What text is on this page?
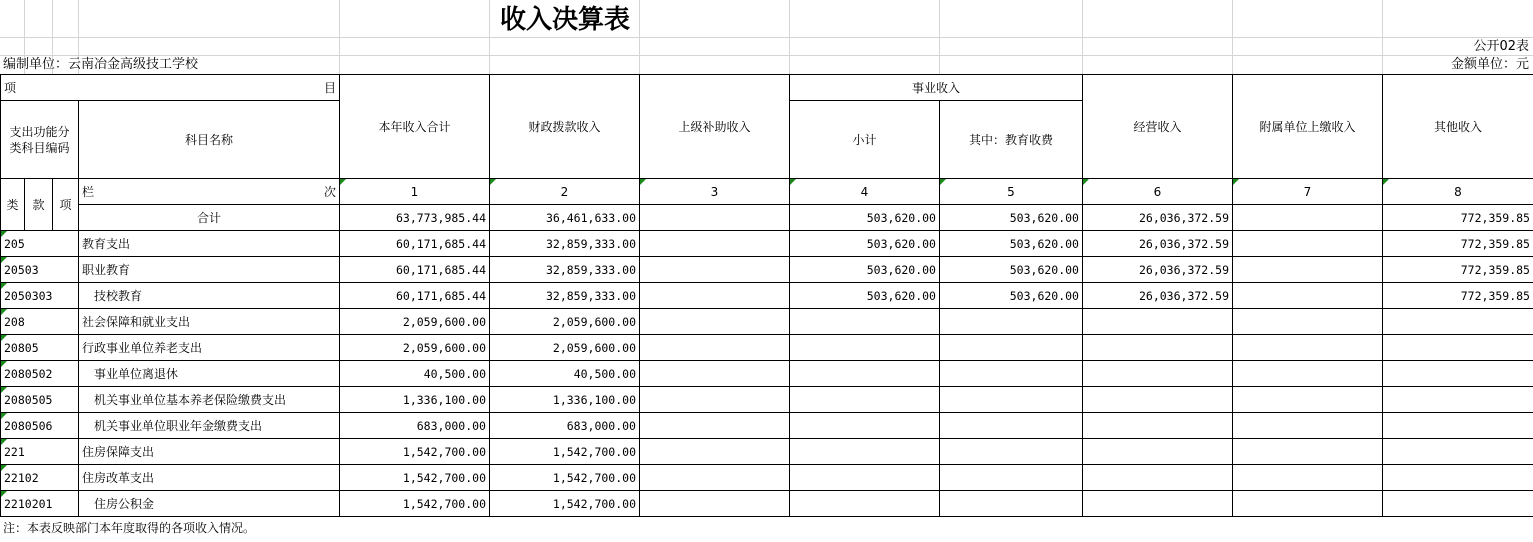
收入决算表
公开02表
编制单位：云南冶金高级技工学校	金额单位：元
项 目		本年收入合计	财政拨款收入	上级补助收入	事业收入		经营收入	附属单位上缴收入	其他收入
支出功能分类科目编码	科目名称				小计	其中：教育收费			

类	款	项	栏 次	1	2	3	4	5	6	7	8
			合计	63,773,985.44	36,461,633.00		503,620.00	503,620.00	26,036,372.59		772,359.85
205			教育支出	60,171,685.44	32,859,333.00		503,620.00	503,620.00	26,036,372.59		772,359.85
20503			职业教育	60,171,685.44	32,859,333.00		503,620.00	503,620.00	26,036,372.59		772,359.85
2050303			技校教育	60,171,685.44	32,859,333.00		503,620.00	503,620.00	26,036,372.59		772,359.85
208			社会保障和就业支出	2,059,600.00	2,059,600.00						
20805			行政事业单位养老支出	2,059,600.00	2,059,600.00						
2080502			事业单位离退休	40,500.00	40,500.00						
2080505			机关事业单位基本养老保险缴费支出	1,336,100.00	1,336,100.00						
2080506			机关事业单位职业年金缴费支出	683,000.00	683,000.00						
221			住房保障支出	1,542,700.00	1,542,700.00						
22102			住房改革支出	1,542,700.00	1,542,700.00						
2210201			住房公积金	1,542,700.00	1,542,700.00						
注：本表反映部门本年度取得的各项收入情况。
